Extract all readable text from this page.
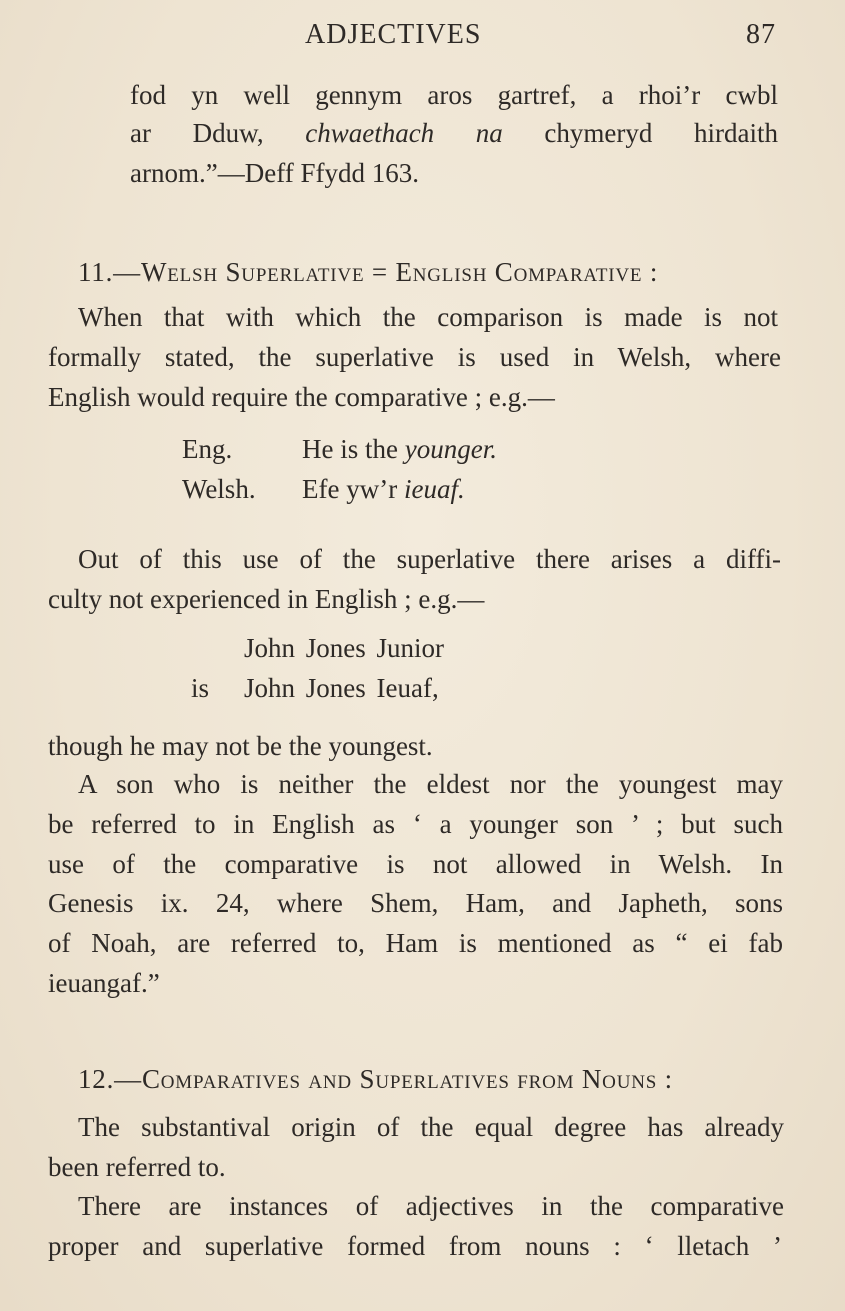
ADJECTIVES	87
fod yn well gennym aros gartref, a rhoi’r cwbl
ar Dduw, chwaethach na chymeryd hirdaith
arnom.”—Deff Ffydd 163.
11.—Welsh Superlative = English Comparative :
When that with which the comparison is made is not
formally stated, the superlative is used in Welsh, where
English would require the comparative ; e.g.—
Eng.	He is the younger.
Welsh. Efe yw’r ieuaf.
Out of this use of the superlative there arises a diffi-
culty not experienced in English ; e.g.—
John Jones Junior
is John Jones Ieuaf,
though he may not be the youngest.
A son who is neither the eldest nor the youngest may
be referred to in English as ‘ a younger son ’ ; but such
use of the comparative is not allowed in Welsh. In
Genesis ix. 24, where Shem, Ham, and Japheth, sons
of Noah, are referred to, Ham is mentioned as “ ei fab
ieuangaf.”
12.—Comparatives and Superlatives from Nouns :
The substantival origin of the equal degree has already
been referred to.
There are instances of adjectives in the comparative
proper and superlative formed from nouns : ‘ lletach ’
